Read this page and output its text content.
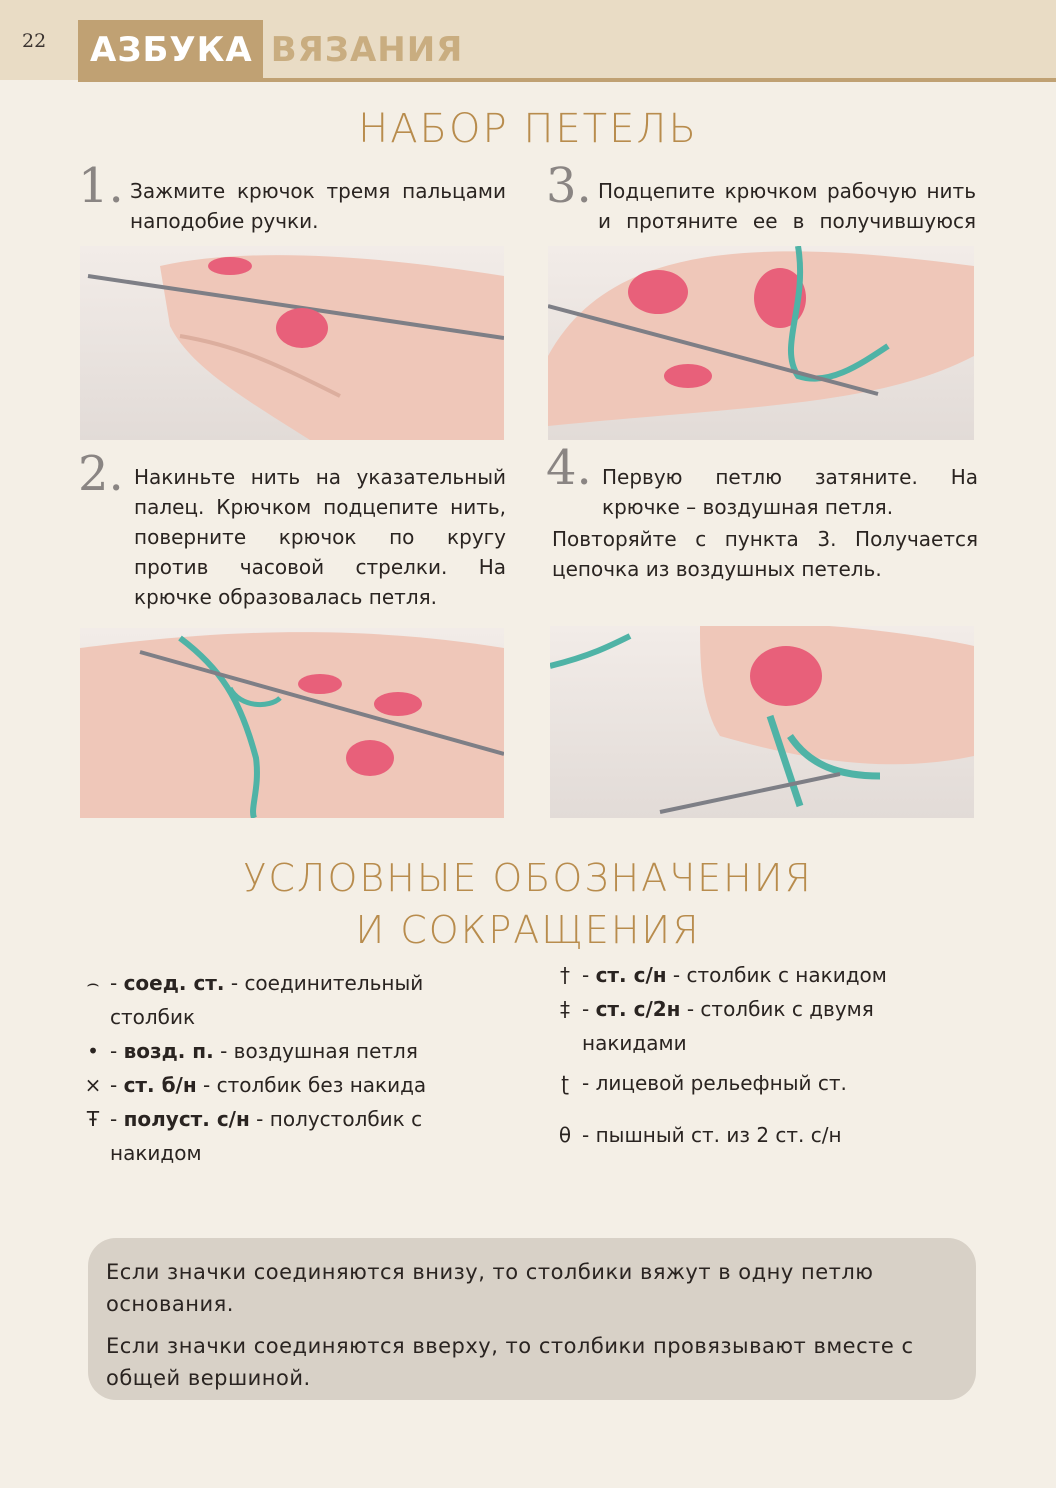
22	АЗБУКА ВЯЗАНИЯ
НАБОР ПЕТЕЛЬ
1. Зажмите крючок тремя пальцами наподобие ручки.
3. Подцепите крючком рабочую нить и протяните ее в получившуюся
2. Накиньте нить на указательный палец. Крючком подцепите нить, поверните крючок по кругу против часовой стрелки. На крючке образовалась петля.
4. Первую петлю затяните. На крючке – воздушная петля.
Повторяйте с пункта 3. Получается цепочка из воздушных петель.
УСЛОВНЫЕ ОБОЗНАЧЕНИЯ
И СОКРАЩЕНИЯ
⌢ - соед. ст. - соединительный столбик
• - возд. п. - воздушная петля
× - ст. б/н - столбик без накида
Ŧ - полуст. с/н - полустолбик с накидом
† - ст. с/н - столбик с накидом
‡ - ст. с/2н - столбик с двумя накидами
ʈ - лицевой рельефный ст.
θ - пышный ст. из 2 ст. с/н

Если значки соединяются внизу, то столбики вяжут в одну петлю основания.

Если значки соединяются вверху, то столбики провязывают вместе с общей вершиной.
